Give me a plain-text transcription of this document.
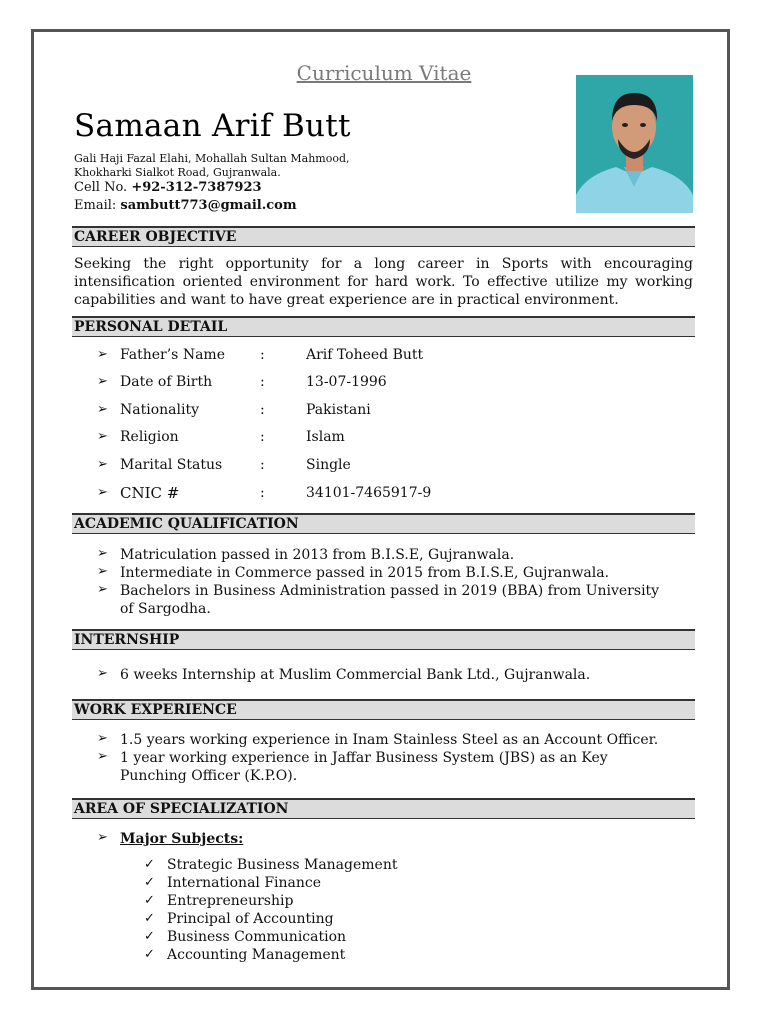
Curriculum Vitae
Samaan Arif Butt
Gali Haji Fazal Elahi, Mohallah Sultan Mahmood,
Khokharki Sialkot Road, Gujranwala.
Cell No. +92-312-7387923
Email: sambutt773@gmail.com
CAREER OBJECTIVE
Seeking the right opportunity for a long career in Sports with encouraging intensification oriented environment for hard work. To effective utilize my working capabilities and want to have great experience are in practical environment.
PERSONAL DETAIL
➢ Father’s Name	:	Arif Toheed Butt
➢ Date of Birth	:	13-07-1996
➢ Nationality	:	Pakistani
➢ Religion	:	Islam
➢ Marital Status	:	Single
➢ CNIC #	:	34101-7465917-9
ACADEMIC QUALIFICATION
➢ Matriculation passed in 2013 from B.I.S.E, Gujranwala.
➢ Intermediate in Commerce passed in 2015 from B.I.S.E, Gujranwala.
➢ Bachelors in Business Administration passed in 2019 (BBA) from University of Sargodha.
INTERNSHIP
➢ 6 weeks Internship at Muslim Commercial Bank Ltd., Gujranwala.
WORK EXPERIENCE
➢ 1.5 years working experience in Inam Stainless Steel as an Account Officer.
➢ 1 year working experience in Jaffar Business System (JBS) as an Key Punching Officer (K.P.O).
AREA OF SPECIALIZATION
➢ Major Subjects:
✓ Strategic Business Management
✓ International Finance
✓ Entrepreneurship
✓ Principal of Accounting
✓ Business Communication
✓ Accounting Management
